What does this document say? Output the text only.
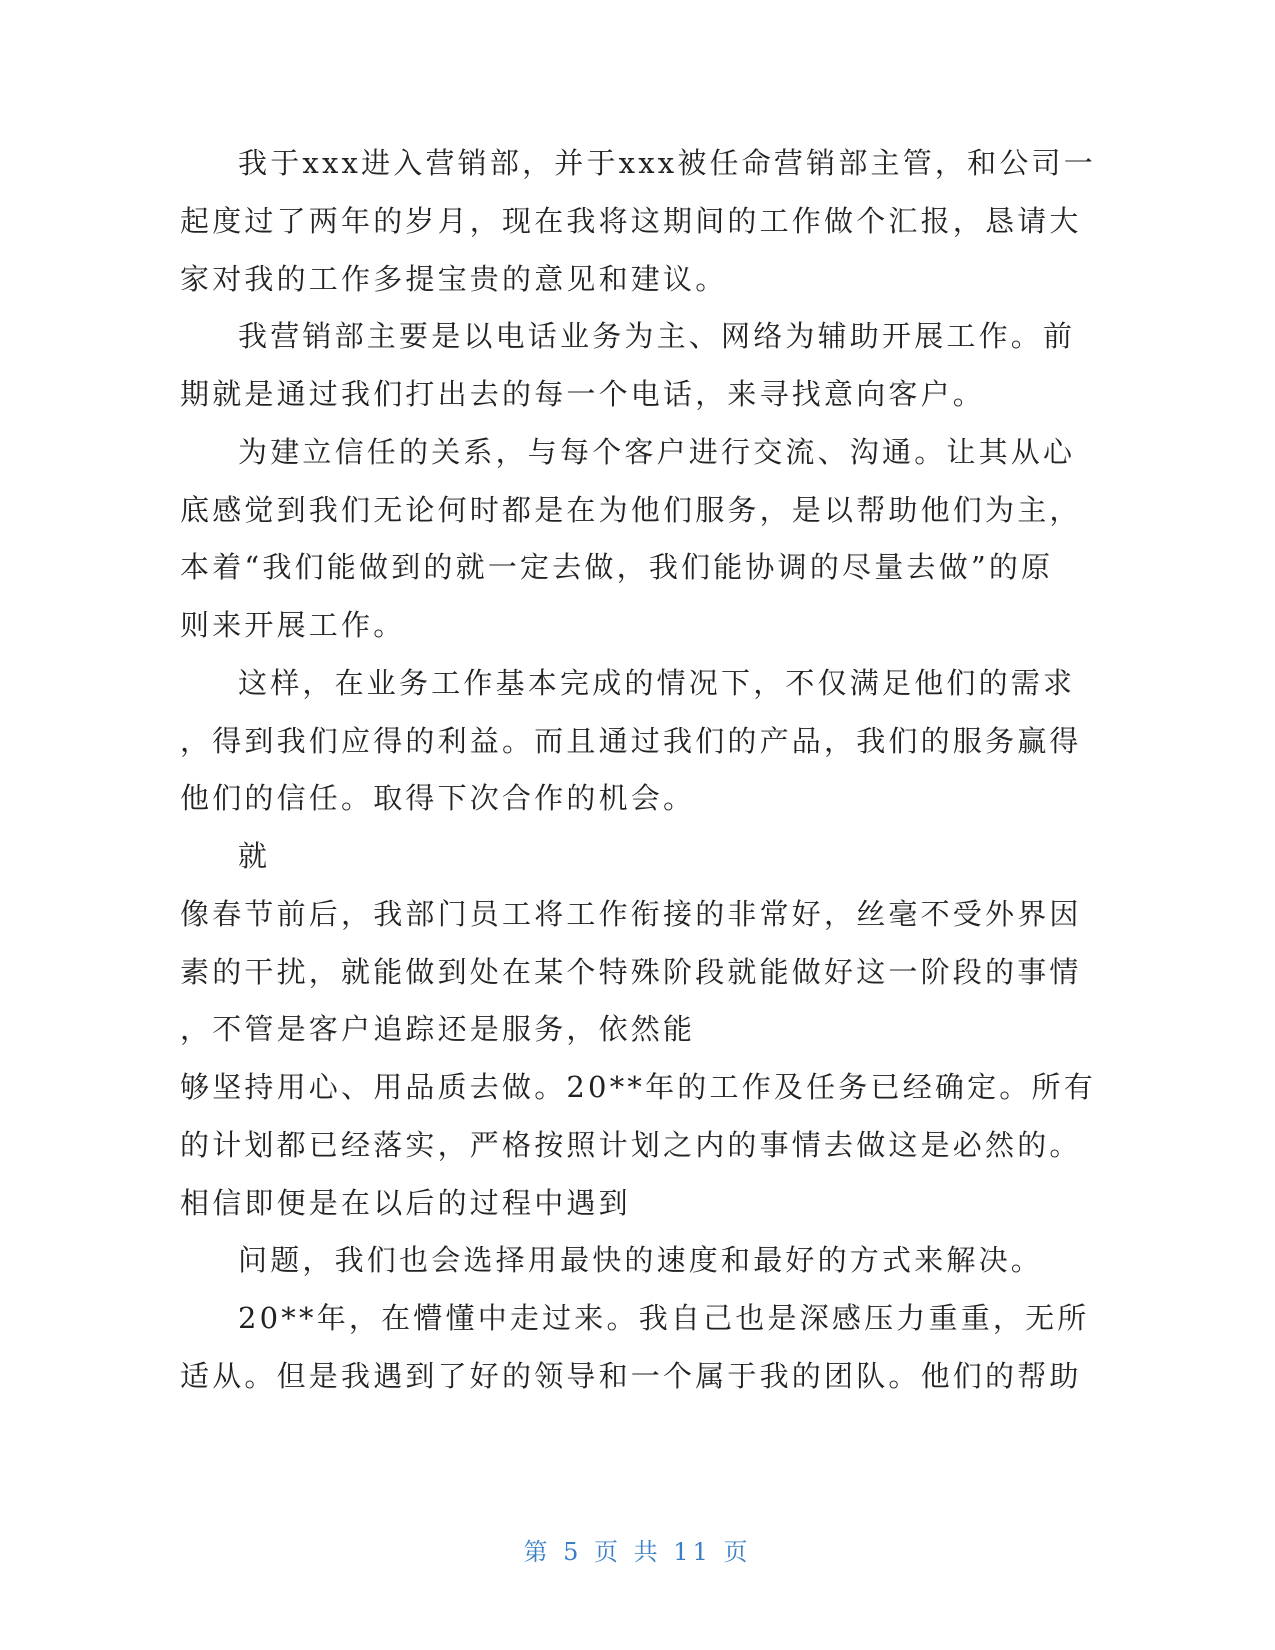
我于xxx进入营销部，并于xxx被任命营销部主管，和公司一
起度过了两年的岁月，现在我将这期间的工作做个汇报，恳请大
家对我的工作多提宝贵的意见和建议。
我营销部主要是以电话业务为主、网络为辅助开展工作。前
期就是通过我们打出去的每一个电话，来寻找意向客户。
为建立信任的关系，与每个客户进行交流、沟通。让其从心
底感觉到我们无论何时都是在为他们服务，是以帮助他们为主，
本着“我们能做到的就一定去做，我们能协调的尽量去做”的原
则来开展工作。
这样，在业务工作基本完成的情况下，不仅满足他们的需求
，得到我们应得的利益。而且通过我们的产品，我们的服务赢得
他们的信任。取得下次合作的机会。
就
像春节前后，我部门员工将工作衔接的非常好，丝毫不受外界因
素的干扰，就能做到处在某个特殊阶段就能做好这一阶段的事情
，不管是客户追踪还是服务，依然能
够坚持用心、用品质去做。20**年的工作及任务已经确定。所有
的计划都已经落实，严格按照计划之内的事情去做这是必然的。
相信即便是在以后的过程中遇到
问题，我们也会选择用最快的速度和最好的方式来解决。
20**年，在懵懂中走过来。我自己也是深感压力重重，无所
适从。但是我遇到了好的领导和一个属于我的团队。他们的帮助
第 5 页 共 11 页
